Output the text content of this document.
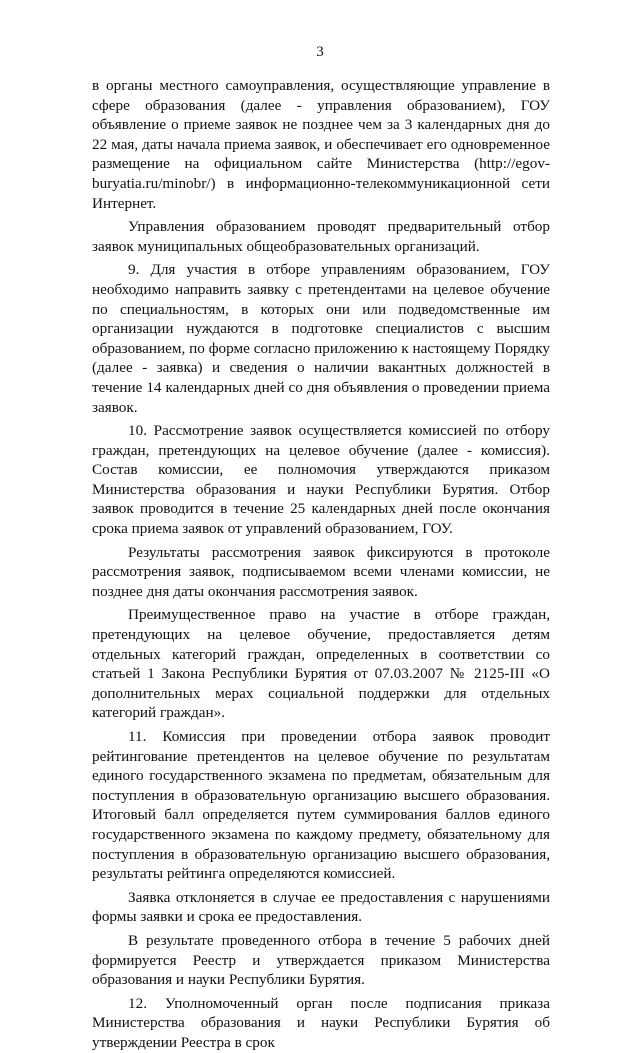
3

в органы местного самоуправления, осуществляющие управление в сфере образования (далее - управления образованием), ГОУ объявление о приеме заявок не позднее чем за 3 календарных дня до 22 мая, даты начала приема заявок, и обеспечивает его одновременное размещение на официальном сайте Министерства (http://egov-buryatia.ru/minobr/) в информационно-телекоммуникационной сети Интернет.

Управления образованием проводят предварительный отбор заявок муниципальных общеобразовательных организаций.

9. Для участия в отборе управлениям образованием, ГОУ необходимо направить заявку с претендентами на целевое обучение по специальностям, в которых они или подведомственные им организации нуждаются в подготовке специалистов с высшим образованием, по форме согласно приложению к настоящему Порядку (далее - заявка) и сведения о наличии вакантных должностей в течение 14 календарных дней со дня объявления о проведении приема заявок.

10. Рассмотрение заявок осуществляется комиссией по отбору граждан, претендующих на целевое обучение (далее - комиссия). Состав комиссии, ее полномочия утверждаются приказом Министерства образования и науки Республики Бурятия. Отбор заявок проводится в течение 25 календарных дней после окончания срока приема заявок от управлений образованием, ГОУ.

Результаты рассмотрения заявок фиксируются в протоколе рассмотрения заявок, подписываемом всеми членами комиссии, не позднее дня даты окончания рассмотрения заявок.

Преимущественное право на участие в отборе граждан, претендующих на целевое обучение, предоставляется детям отдельных категорий граждан, определенных в соответствии со статьей 1 Закона Республики Бурятия от 07.03.2007 № 2125-III «О дополнительных мерах социальной поддержки для отдельных категорий граждан».

11. Комиссия при проведении отбора заявок проводит рейтингование претендентов на целевое обучение по результатам единого государственного экзамена по предметам, обязательным для поступления в образовательную организацию высшего образования. Итоговый балл определяется путем суммирования баллов единого государственного экзамена по каждому предмету, обязательному для поступления в образовательную организацию высшего образования, результаты рейтинга определяются комиссией.

Заявка отклоняется в случае ее предоставления с нарушениями формы заявки и срока ее предоставления.

В результате проведенного отбора в течение 5 рабочих дней формируется Реестр и утверждается приказом Министерства образования и науки Республики Бурятия.

12. Уполномоченный орган после подписания приказа Министерства образования и науки Республики Бурятия об утверждении Реестра в срок
